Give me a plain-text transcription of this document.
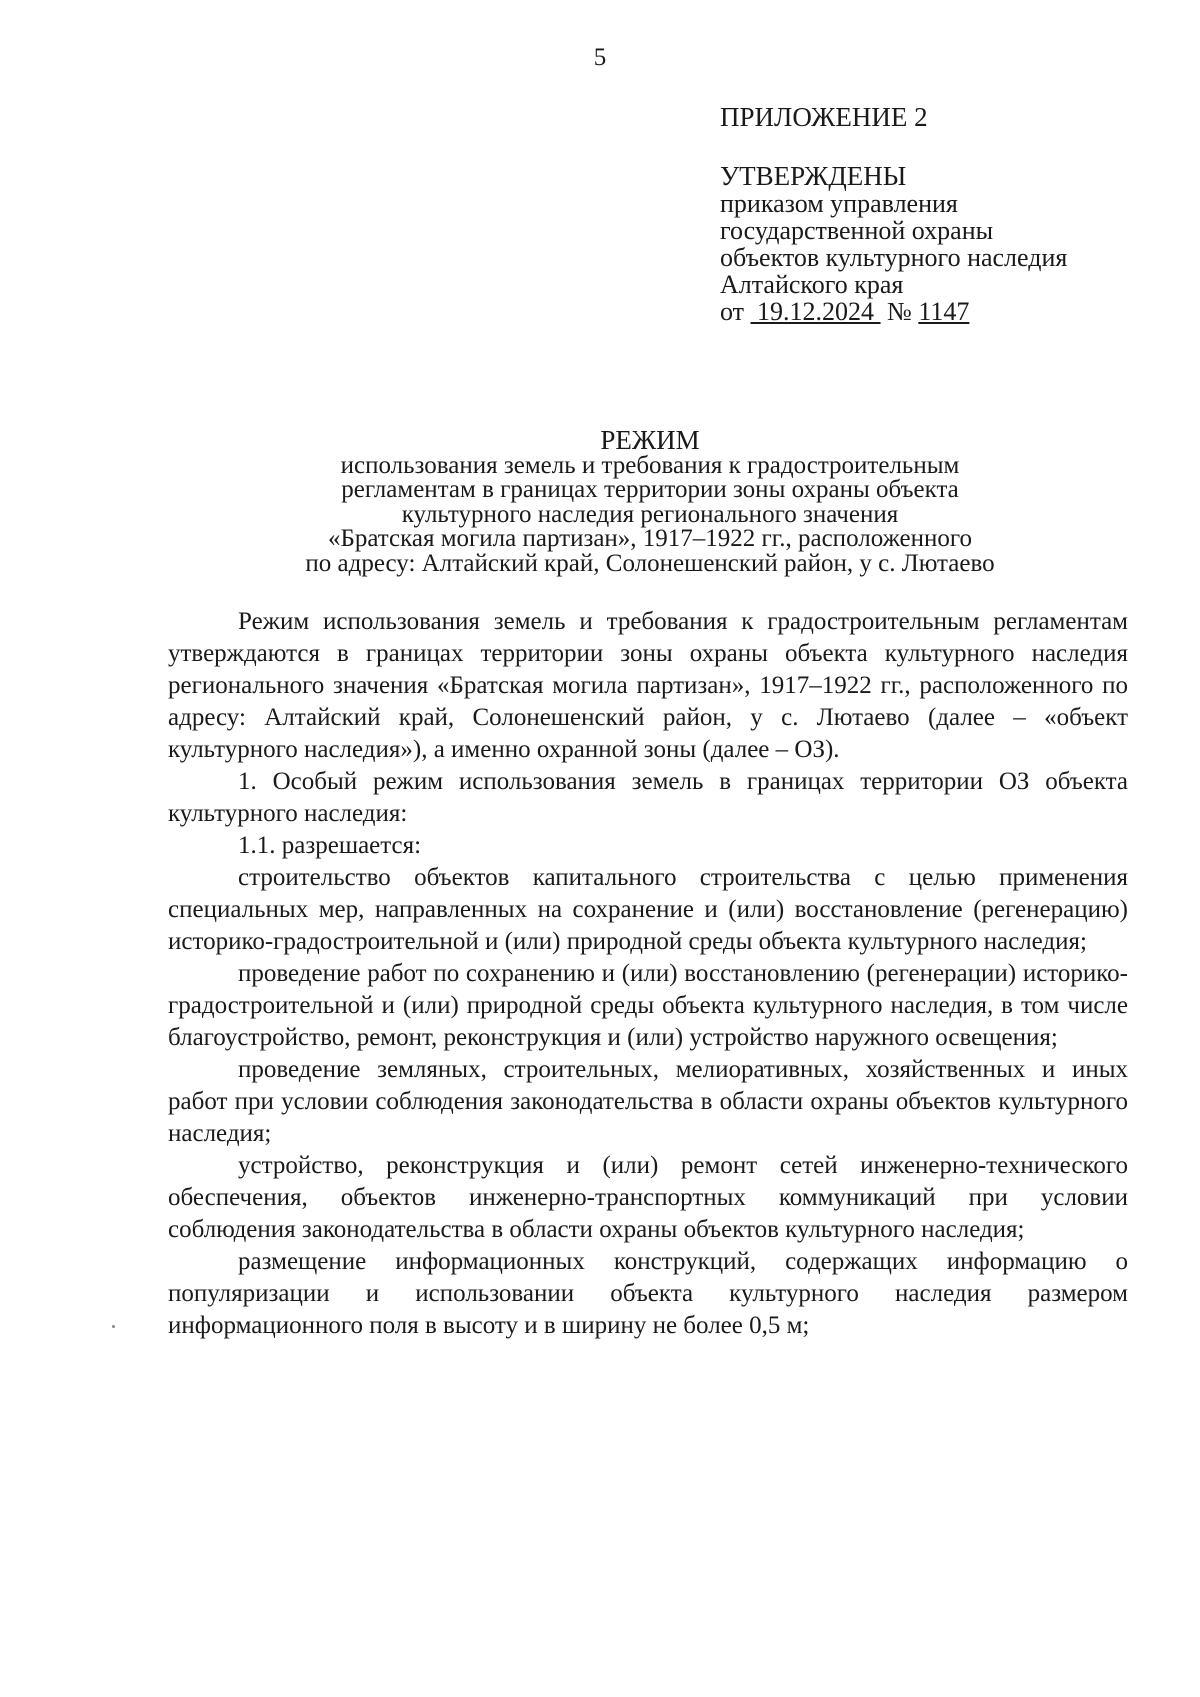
5
ПРИЛОЖЕНИЕ 2
УТВЕРЖДЕНЫ
приказом управления
государственной охраны
объектов культурного наследия
Алтайского края
от 19.12.2024 № 1147
РЕЖИМ
использования земель и требования к градостроительным
регламентам в границах территории зоны охраны объекта
культурного наследия регионального значения
«Братская могила партизан», 1917–1922 гг., расположенного
по адресу: Алтайский край, Солонешенский район, у с. Лютаево

Режим использования земель и требования к градостроительным регламентам утверждаются в границах территории зоны охраны объекта культурного наследия регионального значения «Братская могила партизан», 1917–1922 гг., расположенного по адресу: Алтайский край, Солонешенский район, у с. Лютаево (далее – «объект культурного наследия»), а именно охранной зоны (далее – ОЗ).

1. Особый режим использования земель в границах территории ОЗ объекта культурного наследия:

1.1. разрешается:

строительство объектов капитального строительства с целью применения специальных мер, направленных на сохранение и (или) восстановление (регенерацию) историко-градостроительной и (или) природной среды объекта культурного наследия;

проведение работ по сохранению и (или) восстановлению (регенерации) историко-градостроительной и (или) природной среды объекта культурного наследия, в том числе благоустройство, ремонт, реконструкция и (или) устройство наружного освещения;

проведение земляных, строительных, мелиоративных, хозяйственных и иных работ при условии соблюдения законодательства в области охраны объектов культурного наследия;

устройство, реконструкция и (или) ремонт сетей инженерно-технического обеспечения, объектов инженерно-транспортных коммуникаций при условии соблюдения законодательства в области охраны объектов культурного наследия;

размещение информационных конструкций, содержащих информацию о популяризации и использовании объекта культурного наследия размером информационного поля в высоту и в ширину не более 0,5 м;
